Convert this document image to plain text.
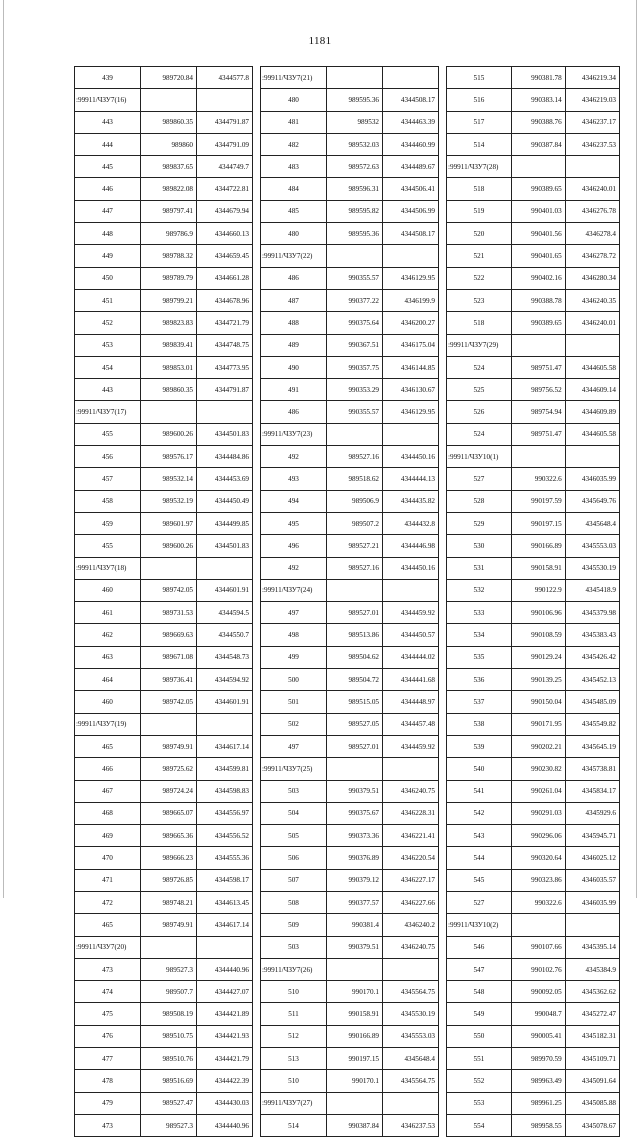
1181
439	989720.84	4344577.8
:99911/ЧЗУ7(16)		
443	989860.35	4344791.87
444	989860	4344791.09
445	989837.65	4344749.7
446	989822.08	4344722.81
447	989797.41	4344679.94
448	989786.9	4344660.13
449	989788.32	4344659.45
450	989789.79	4344661.28
451	989799.21	4344678.96
452	989823.83	4344721.79
453	989839.41	4344748.75
454	989853.01	4344773.95
443	989860.35	4344791.87
:99911/ЧЗУ7(17)		
455	989600.26	4344501.83
456	989576.17	4344484.86
457	989532.14	4344453.69
458	989532.19	4344450.49
459	989601.97	4344499.85
455	989600.26	4344501.83
:99911/ЧЗУ7(18)		
460	989742.05	4344601.91
461	989731.53	4344594.5
462	989669.63	4344550.7
463	989671.08	4344548.73
464	989736.41	4344594.92
460	989742.05	4344601.91
:99911/ЧЗУ7(19)		
465	989749.91	4344617.14
466	989725.62	4344599.81
467	989724.24	4344598.83
468	989665.07	4344556.97
469	989665.36	4344556.52
470	989666.23	4344555.36
471	989726.85	4344598.17
472	989748.21	4344613.45
465	989749.91	4344617.14
:99911/ЧЗУ7(20)		
473	989527.3	4344440.96
474	989507.7	4344427.07
475	989508.19	4344421.89
476	989510.75	4344421.93
477	989510.76	4344421.79
478	989516.69	4344422.39
479	989527.47	4344430.03
473	989527.3	4344440.96
:99911/ЧЗУ7(21)		
480	989595.36	4344508.17
481	989532	4344463.39
482	989532.03	4344460.99
483	989572.63	4344489.67
484	989596.31	4344506.41
485	989595.82	4344506.99
480	989595.36	4344508.17
:99911/ЧЗУ7(22)		
486	990355.57	4346129.95
487	990377.22	4346199.9
488	990375.64	4346200.27
489	990367.51	4346175.04
490	990357.75	4346144.85
491	990353.29	4346130.67
486	990355.57	4346129.95
:99911/ЧЗУ7(23)		
492	989527.16	4344450.16
493	989518.62	4344444.13
494	989506.9	4344435.82
495	989507.2	4344432.8
496	989527.21	4344446.98
492	989527.16	4344450.16
:99911/ЧЗУ7(24)		
497	989527.01	4344459.92
498	989513.86	4344450.57
499	989504.62	4344444.02
500	989504.72	4344441.68
501	989515.05	4344448.97
502	989527.05	4344457.48
497	989527.01	4344459.92
:99911/ЧЗУ7(25)		
503	990379.51	4346240.75
504	990375.67	4346228.31
505	990373.36	4346221.41
506	990376.89	4346220.54
507	990379.12	4346227.17
508	990377.57	4346227.66
509	990381.4	4346240.2
503	990379.51	4346240.75
:99911/ЧЗУ7(26)		
510	990170.1	4345564.75
511	990158.91	4345530.19
512	990166.89	4345553.03
513	990197.15	4345648.4
510	990170.1	4345564.75
:99911/ЧЗУ7(27)		
514	990387.84	4346237.53
515	990381.78	4346219.34
516	990383.14	4346219.03
517	990388.76	4346237.17
514	990387.84	4346237.53
:99911/ЧЗУ7(28)		
518	990389.65	4346240.01
519	990401.03	4346276.78
520	990401.56	4346278.4
521	990401.65	4346278.72
522	990402.16	4346280.34
523	990388.78	4346240.35
518	990389.65	4346240.01
:99911/ЧЗУ7(29)		
524	989751.47	4344605.58
525	989756.52	4344609.14
526	989754.94	4344609.89
524	989751.47	4344605.58
:99911/ЧЗУ10(1)		
527	990322.6	4346035.99
528	990197.59	4345649.76
529	990197.15	4345648.4
530	990166.89	4345553.03
531	990158.91	4345530.19
532	990122.9	4345418.9
533	990106.96	4345379.98
534	990108.59	4345383.43
535	990129.24	4345426.42
536	990139.25	4345452.13
537	990150.04	4345485.09
538	990171.95	4345549.82
539	990202.21	4345645.19
540	990230.82	4345738.81
541	990261.04	4345834.17
542	990291.03	4345929.6
543	990296.06	4345945.71
544	990320.64	4346025.12
545	990323.86	4346035.57
527	990322.6	4346035.99
:99911/ЧЗУ10(2)		
546	990107.66	4345395.14
547	990102.76	4345384.9
548	990092.05	4345362.62
549	990048.7	4345272.47
550	990005.41	4345182.31
551	989970.59	4345109.71
552	989963.49	4345091.64
553	989961.25	4345085.88
554	989958.55	4345078.67
